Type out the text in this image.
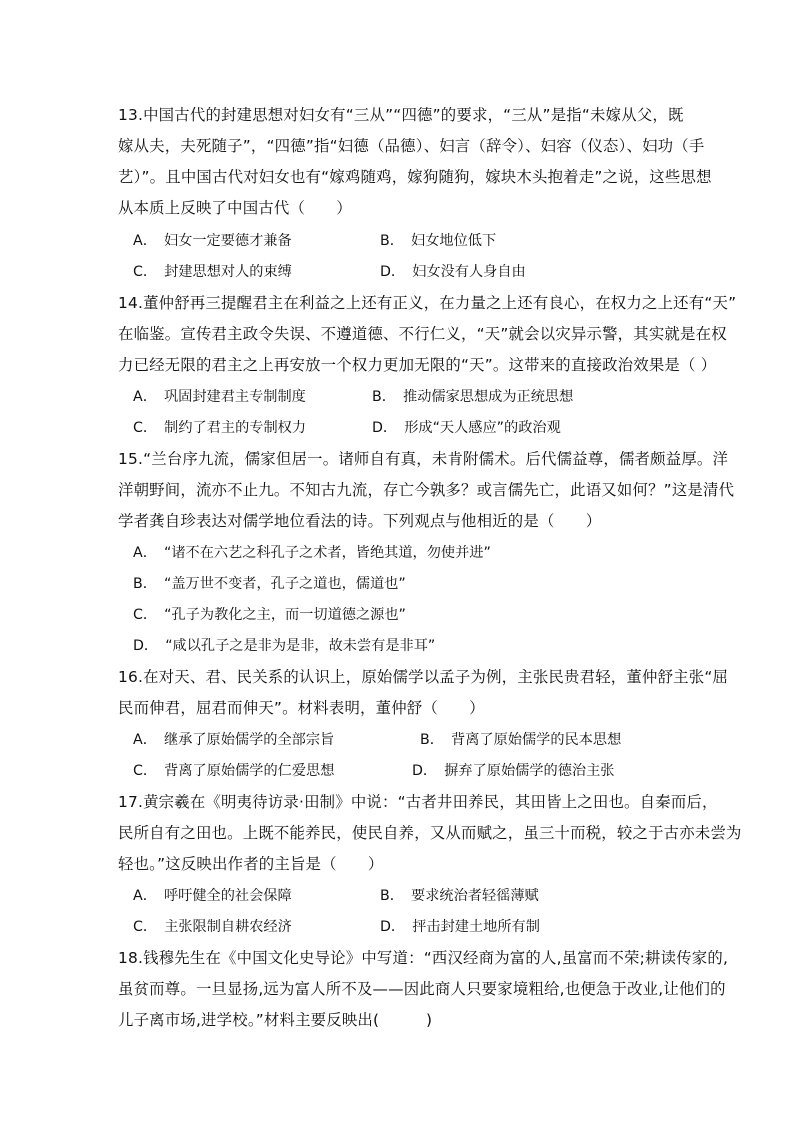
13.中国古代的封建思想对妇女有“三从”“四德”的要求，“三从”是指“未嫁从父，既
嫁从夫，夫死随子”，“四德”指“妇德（品德）、妇言（辞令）、妇容（仪态）、妇功（手
艺）”。且中国古代对妇女也有“嫁鸡随鸡，嫁狗随狗，嫁块木头抱着走”之说，这些思想
从本质上反映了中国古代（　　）
A．　妇女一定要德才兼备	B．　妇女地位低下
C．　封建思想对人的束缚	D．　妇女没有人身自由
14.董仲舒再三提醒君主在利益之上还有正义，在力量之上还有良心，在权力之上还有“天”
在临鉴。宣传君主政令失误、不遵道德、不行仁义，“天”就会以灾异示警，其实就是在权
力已经无限的君主之上再安放一个权力更加无限的“天”。这带来的直接政治效果是（ ）
A．　巩固封建君主专制制度	B．　推动儒家思想成为正统思想
C．　制约了君主的专制权力	D．　形成“天人感应”的政治观
15.“兰台序九流，儒家但居一。诸师自有真，未肯附儒术。后代儒益尊，儒者颇益厚。洋
洋朝野间，流亦不止九。不知古九流，存亡今孰多？或言儒先亡，此语又如何？”这是清代
学者龚自珍表达对儒学地位看法的诗。下列观点与他相近的是（　　）
A．　“诸不在六艺之科孔子之术者，皆绝其道，勿使并进”
B．　“盖万世不变者，孔子之道也，儒道也”
C．　“孔子为教化之主，而一切道德之源也”
D．　“咸以孔子之是非为是非，故未尝有是非耳”
16.在对天、君、民关系的认识上，原始儒学以孟子为例，主张民贵君轻，董仲舒主张“屈
民而伸君，屈君而伸天”。材料表明，董仲舒（　　）
A．　继承了原始儒学的全部宗旨	B．　背离了原始儒学的民本思想
C．　背离了原始儒学的仁爱思想	D．　摒弃了原始儒学的德治主张
17.黄宗羲在《明夷待访录·田制》中说：“古者井田养民，其田皆上之田也。自秦而后，
民所自有之田也。上既不能养民，使民自养，又从而赋之，虽三十而税，较之于古亦未尝为
轻也。”这反映出作者的主旨是（　　）
A．　呼吁健全的社会保障	B．　要求统治者轻徭薄赋
C．　主张限制自耕农经济	D．　抨击封建土地所有制
18.钱穆先生在《中国文化史导论》中写道：“西汉经商为富的人,虽富而不荣;耕读传家的,
虽贫而尊。一旦显扬,远为富人所不及——因此商人只要家境粗给,也便急于改业,让他们的
儿子离市场,进学校。”材料主要反映出(　　　)
